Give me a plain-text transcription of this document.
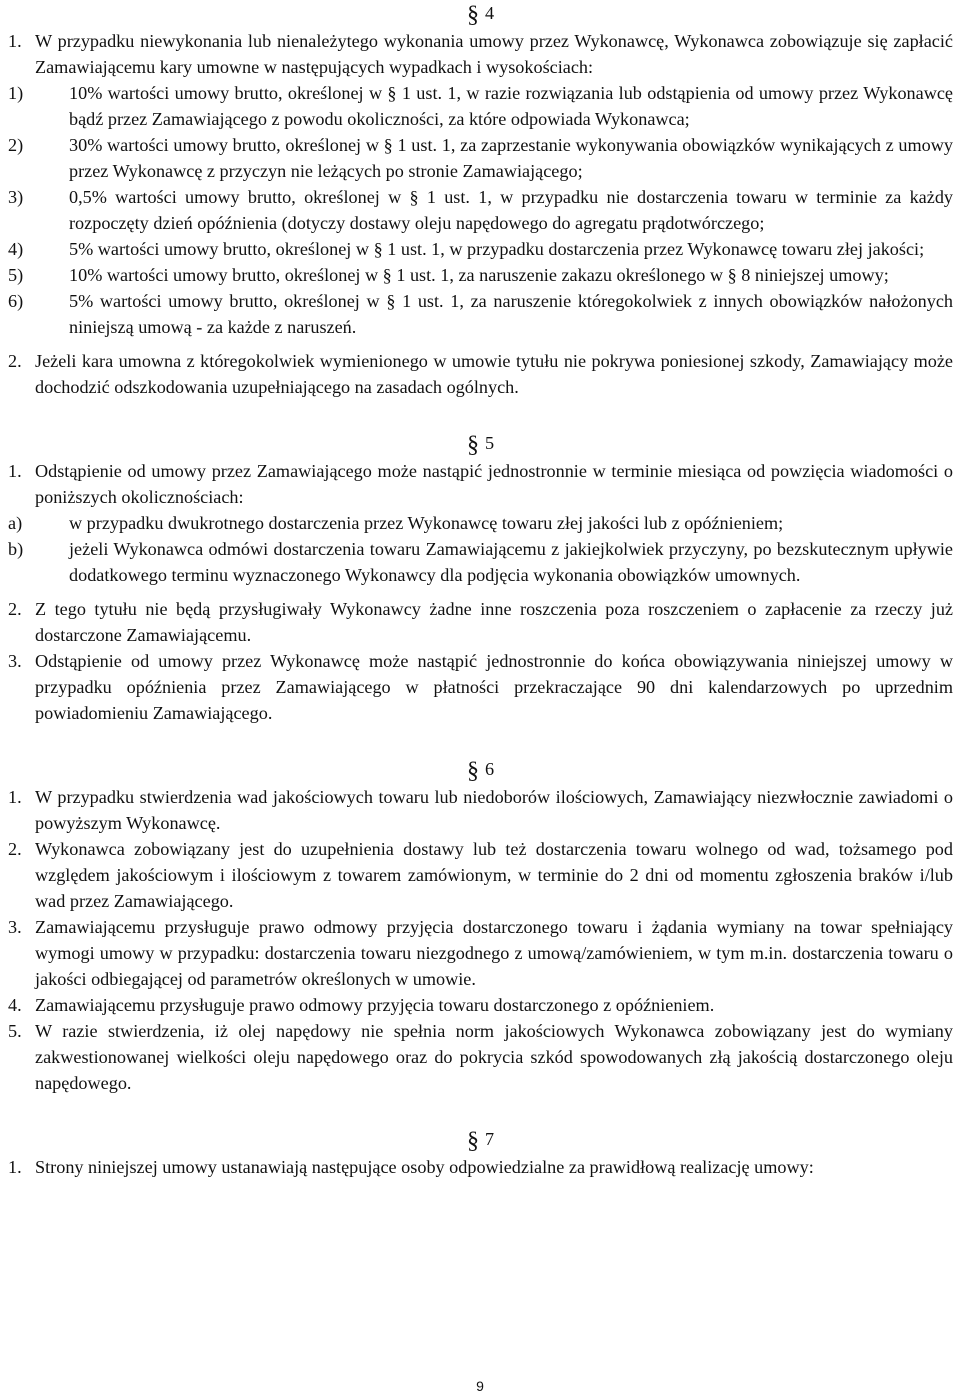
§ 4

1. W przypadku niewykonania lub nienależytego wykonania umowy przez Wykonawcę, Wykonawca zobowiązuje się zapłacić Zamawiającemu kary umowne w następujących wypadkach i wysokościach:
1)	10% wartości umowy brutto, określonej w § 1 ust. 1, w razie rozwiązania lub odstąpienia od umowy przez Wykonawcę bądź przez Zamawiającego z powodu okoliczności, za które odpowiada Wykonawca;
2)	30% wartości umowy brutto, określonej w § 1 ust. 1, za zaprzestanie wykonywania obowiązków wynikających z umowy przez Wykonawcę z przyczyn nie leżących po stronie Zamawiającego;
3)	0,5% wartości umowy brutto, określonej w § 1 ust. 1, w przypadku nie dostarczenia towaru w terminie za każdy rozpoczęty dzień opóźnienia (dotyczy dostawy oleju napędowego do agregatu prądotwórczego;
4)	5% wartości umowy brutto, określonej w § 1 ust. 1, w przypadku dostarczenia przez Wykonawcę towaru złej jakości;
5)	10% wartości umowy brutto, określonej w § 1 ust. 1, za naruszenie zakazu określonego w § 8 niniejszej umowy;
6)	5% wartości umowy brutto, określonej w § 1 ust. 1, za naruszenie któregokolwiek z innych obowiązków nałożonych niniejszą umową - za każde z naruszeń.
2. Jeżeli kara umowna z któregokolwiek wymienionego w umowie tytułu nie pokrywa poniesionej szkody, Zamawiający może dochodzić odszkodowania uzupełniającego na zasadach ogólnych.

§ 5

1. Odstąpienie od umowy przez Zamawiającego może nastąpić jednostronnie w terminie miesiąca od powzięcia wiadomości o poniższych okolicznościach:
a)	w przypadku dwukrotnego dostarczenia przez Wykonawcę towaru złej jakości lub z opóźnieniem;
b)	jeżeli Wykonawca odmówi dostarczenia towaru Zamawiającemu z jakiejkolwiek przyczyny, po bezskutecznym upływie dodatkowego terminu wyznaczonego Wykonawcy dla podjęcia wykonania obowiązków umownych.
2. Z tego tytułu nie będą przysługiwały Wykonawcy żadne inne roszczenia poza roszczeniem o zapłacenie za rzeczy już dostarczone Zamawiającemu.
3. Odstąpienie od umowy przez Wykonawcę może nastąpić jednostronnie do końca obowiązywania niniejszej umowy w przypadku opóźnienia przez Zamawiającego w płatności przekraczające 90 dni kalendarzowych po uprzednim powiadomieniu Zamawiającego.

§ 6

1. W przypadku stwierdzenia wad jakościowych towaru lub niedoborów ilościowych, Zamawiający niezwłocznie zawiadomi o powyższym Wykonawcę.
2. Wykonawca zobowiązany jest do uzupełnienia dostawy lub też dostarczenia towaru wolnego od wad, tożsamego pod względem jakościowym i ilościowym z towarem zamówionym, w terminie do 2 dni od momentu zgłoszenia braków i/lub wad przez Zamawiającego.
3. Zamawiającemu przysługuje prawo odmowy przyjęcia dostarczonego towaru i żądania wymiany na towar spełniający wymogi umowy w przypadku: dostarczenia towaru niezgodnego z umową/zamówieniem, w tym m.in. dostarczenia towaru o jakości odbiegającej od parametrów określonych w umowie.
4. Zamawiającemu przysługuje prawo odmowy przyjęcia towaru dostarczonego z opóźnieniem.
5. W razie stwierdzenia, iż olej napędowy nie spełnia norm jakościowych Wykonawca zobowiązany jest do wymiany zakwestionowanej wielkości oleju napędowego oraz do pokrycia szkód spowodowanych złą jakością dostarczonego oleju napędowego.

§ 7

1. Strony niniejszej umowy ustanawiają następujące osoby odpowiedzialne za prawidłową realizację umowy:
9
